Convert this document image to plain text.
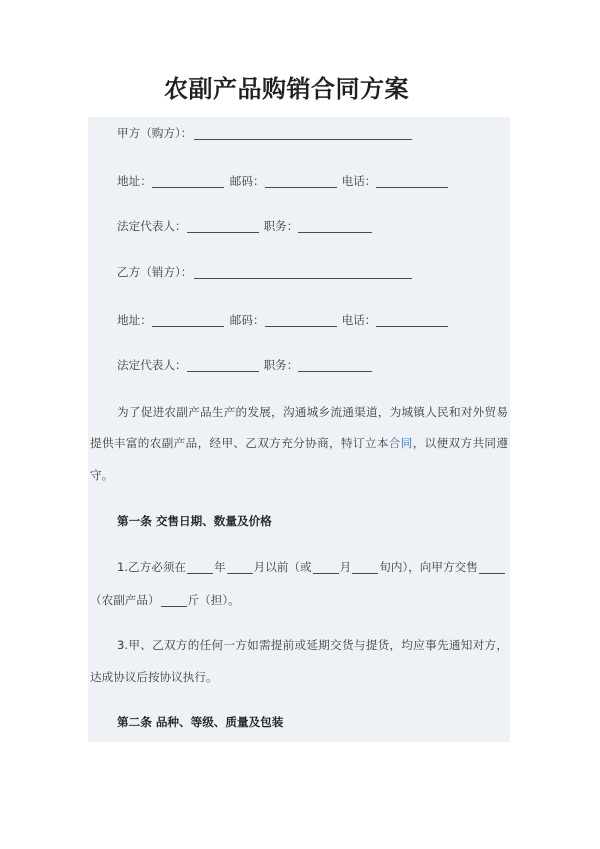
农副产品购销合同方案
甲方（购方）：
地址：	邮码：	电话：
法定代表人：	职务：
乙方（销方）：
地址：	邮码：	电话：
法定代表人：	职务：
为了促进农副产品生产的发展，沟通城乡流通渠道，为城镇人民和对外贸易
提供丰富的农副产品，经甲、乙双方充分协商，特订立本合同，以便双方共同遵
守。
第一条 交售日期、数量及价格
1.乙方必须在 年 月以前（或 月 旬内），向甲方交售
（农副产品） 斤（担）。
3.甲、乙双方的任何一方如需提前或延期交货与提货，均应事先通知对方，
达成协议后按协议执行。
第二条 品种、等级、质量及包装
